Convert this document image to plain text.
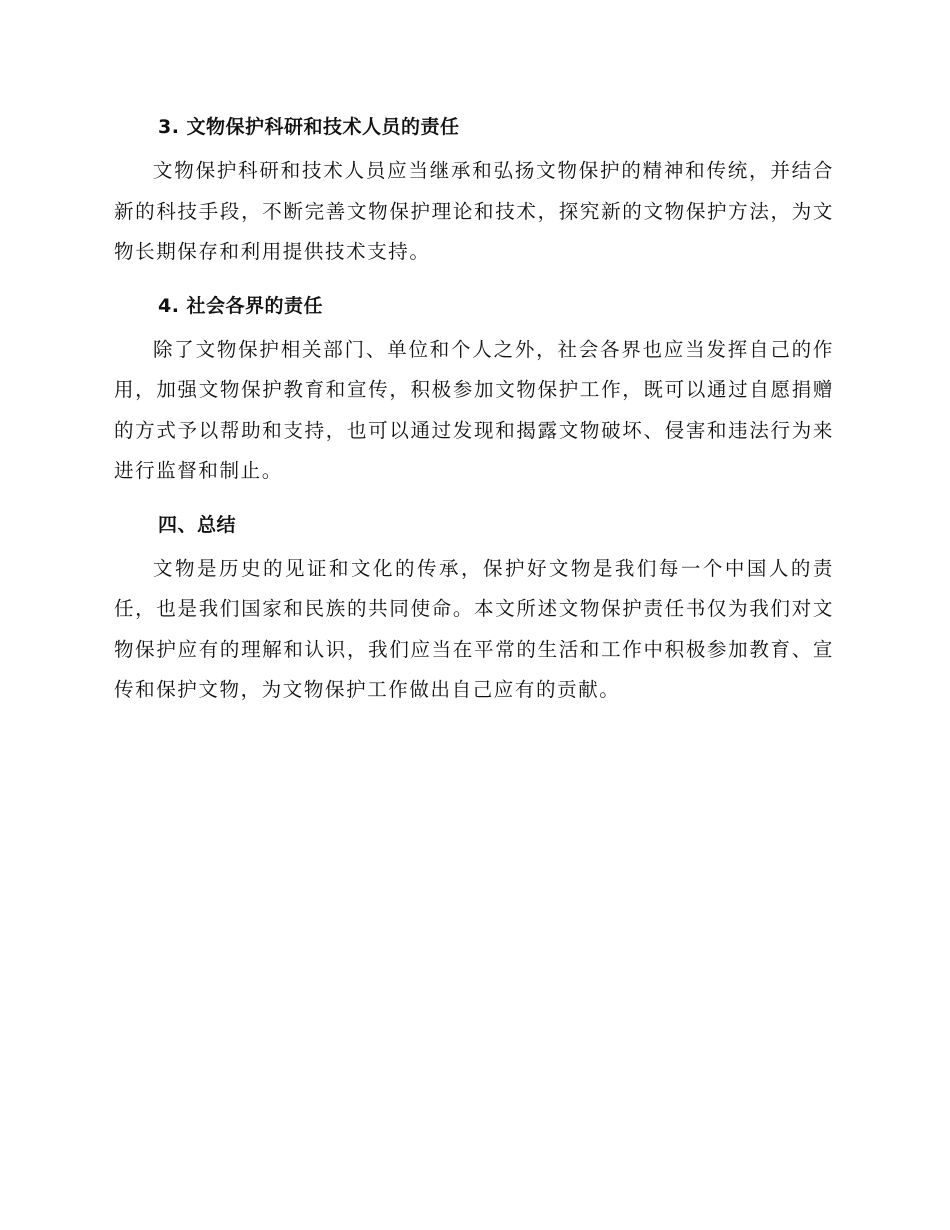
3. 文物保护科研和技术人员的责任

文物保护科研和技术人员应当继承和弘扬文物保护的精神和传统，并结合新的科技手段，不断完善文物保护理论和技术，探究新的文物保护方法，为文物长期保存和利用提供技术支持。

4. 社会各界的责任

除了文物保护相关部门、单位和个人之外，社会各界也应当发挥自己的作用，加强文物保护教育和宣传，积极参加文物保护工作，既可以通过自愿捐赠的方式予以帮助和支持，也可以通过发现和揭露文物破坏、侵害和违法行为来进行监督和制止。

四、总结

文物是历史的见证和文化的传承，保护好文物是我们每一个中国人的责任，也是我们国家和民族的共同使命。本文所述文物保护责任书仅为我们对文物保护应有的理解和认识，我们应当在平常的生活和工作中积极参加教育、宣传和保护文物，为文物保护工作做出自己应有的贡献。
